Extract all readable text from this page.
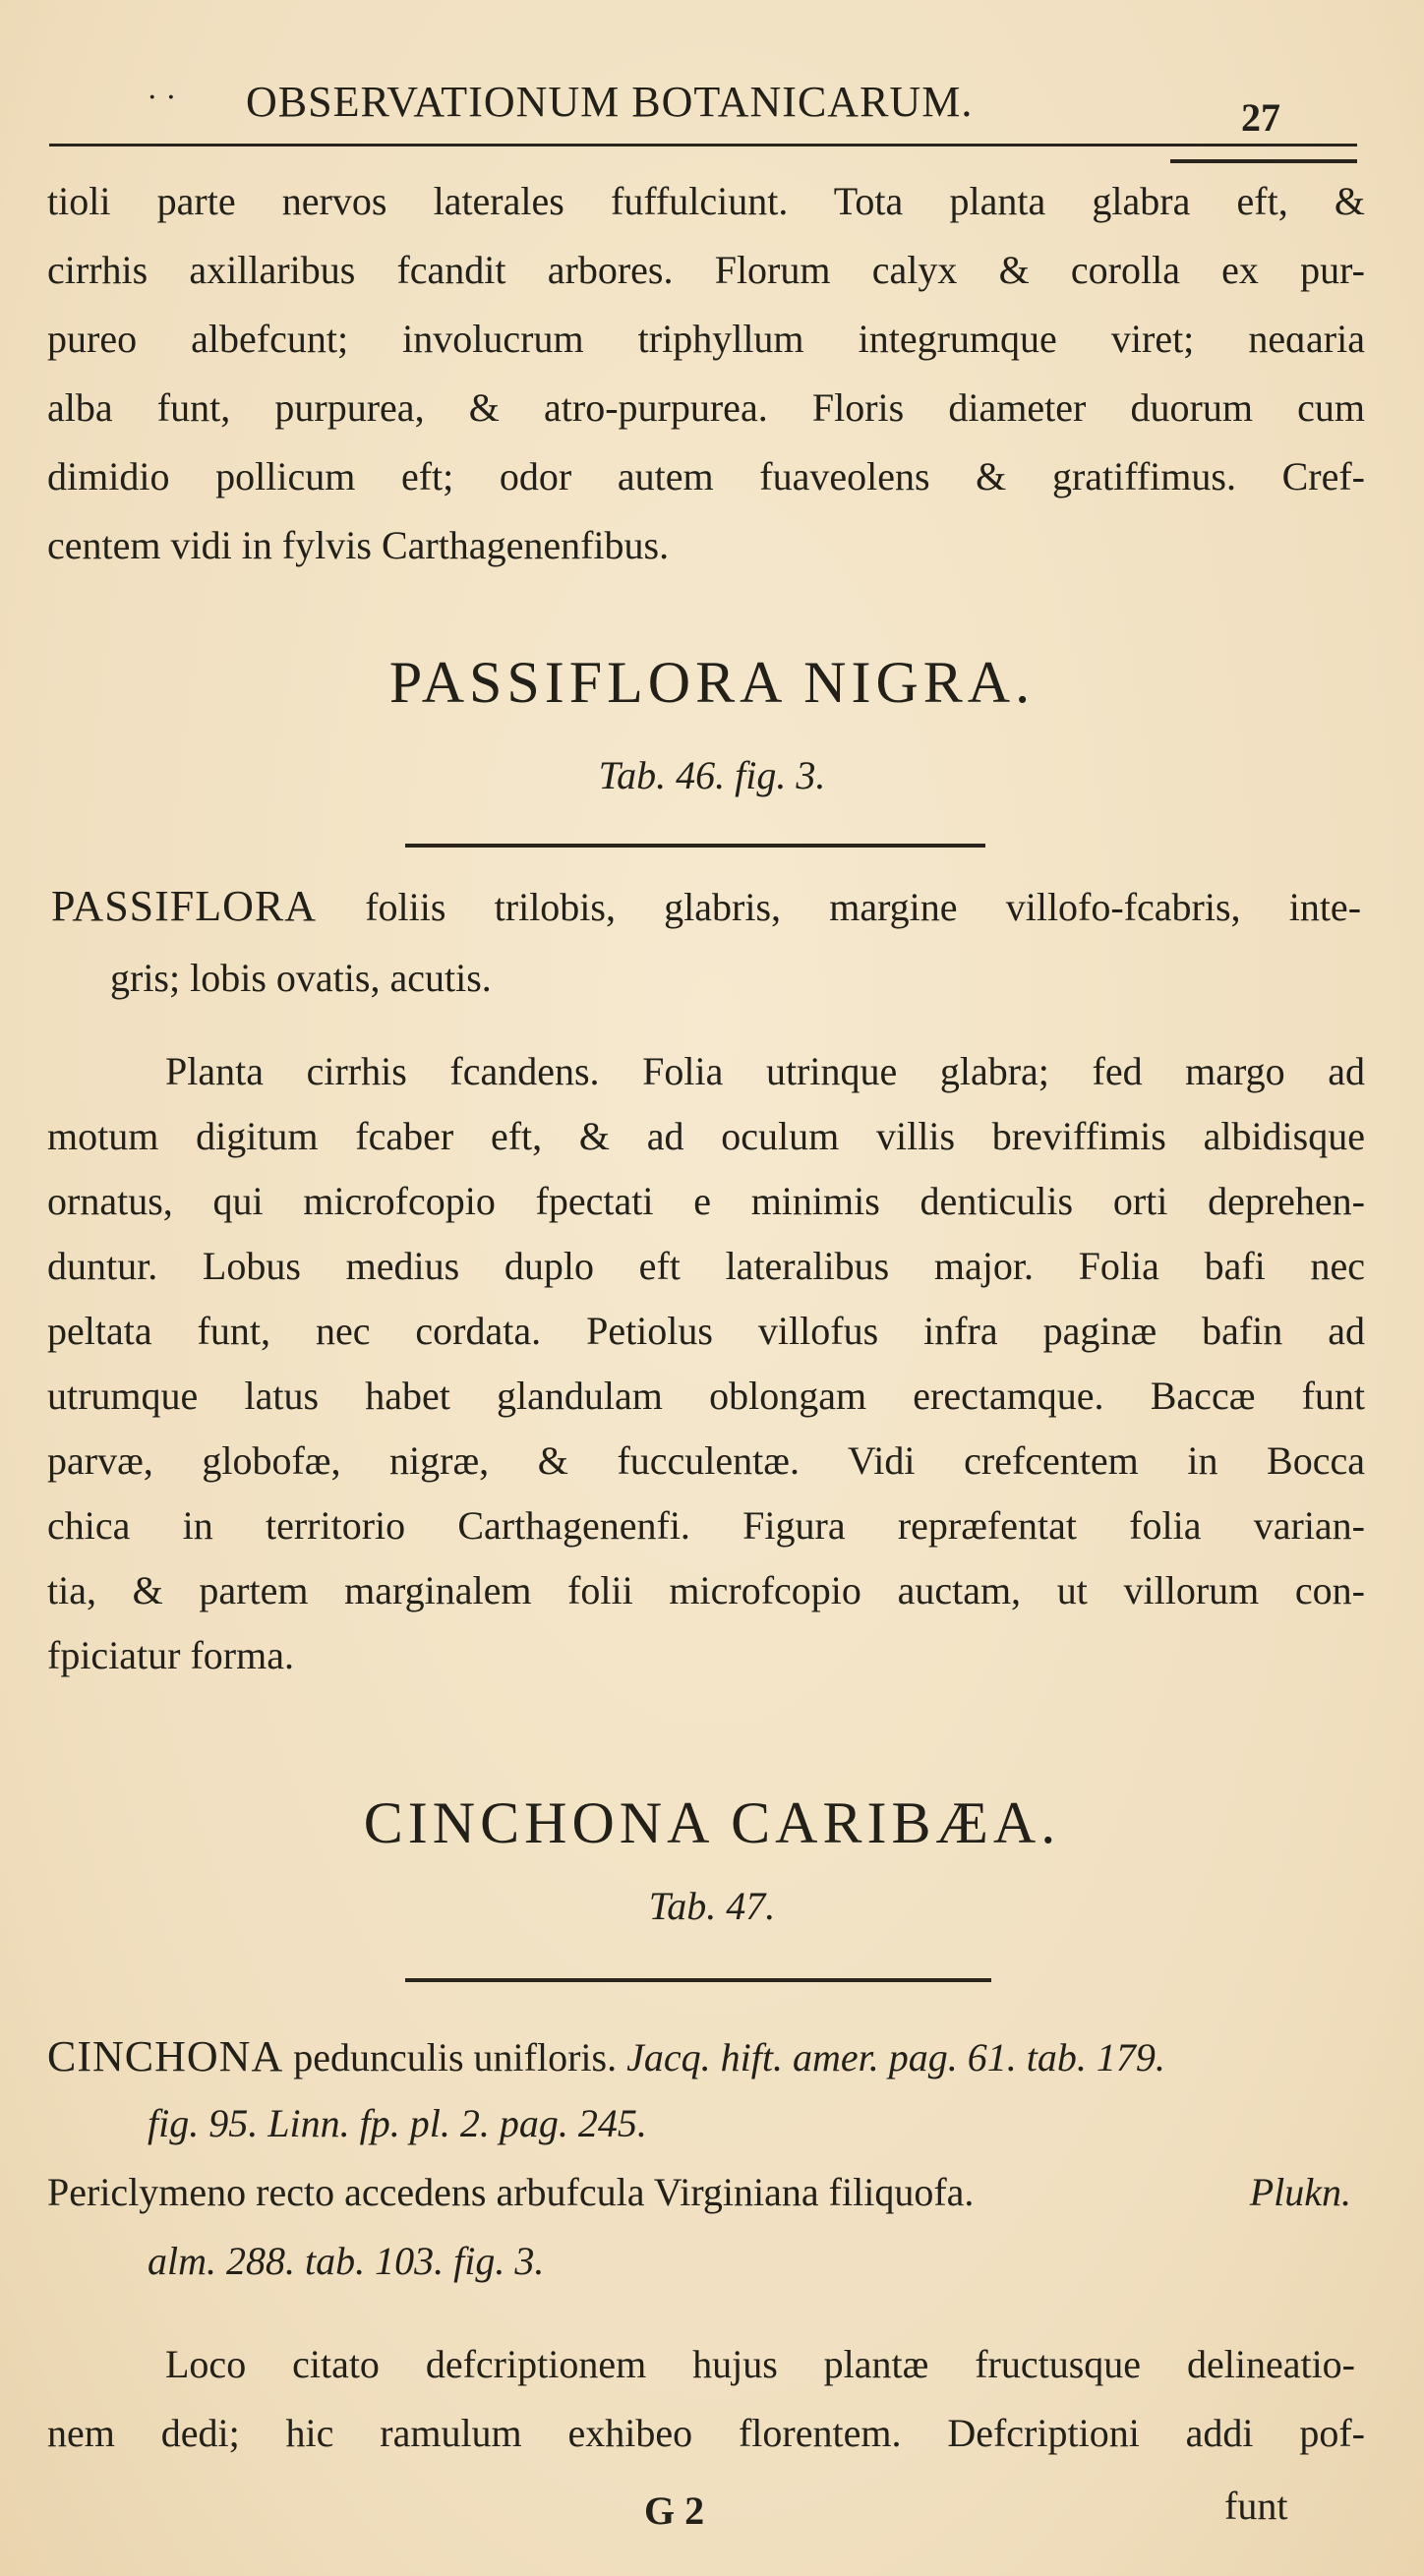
· · OBSERVATIONUM BOTANICARUM.	27
tioli parte nervos laterales fuffulciunt. Tota planta glabra eft, &
cirrhis axillaribus fcandit arbores. Florum calyx & corolla ex pur-
pureo albefcunt; involucrum triphyllum integrumque viret; neɑaria
alba funt, purpurea, & atro-purpurea. Floris diameter duorum cum
dimidio pollicum eft; odor autem fuaveolens & gratiffimus. Cref-
centem vidi in fylvis Carthagenenfibus.
PASSIFLORA NIGRA.
Tab. 46. fig. 3.
PASSIFLORA foliis trilobis, glabris, margine villofo-fcabris, inte-
gris; lobis ovatis, acutis.
Planta cirrhis fcandens. Folia utrinque glabra; fed margo ad
motum digitum fcaber eft, & ad oculum villis breviffimis albidisque
ornatus, qui microfcopio fpectati e minimis denticulis orti deprehen-
duntur. Lobus medius duplo eft lateralibus major. Folia bafi nec
peltata funt, nec cordata. Petiolus villofus infra paginæ bafin ad
utrumque latus habet glandulam oblongam erectamque. Baccæ funt
parvæ, globofæ, nigræ, & fucculentæ. Vidi crefcentem in Bocca
chica in territorio Carthagenenfi. Figura repræfentat folia varian-
tia, & partem marginalem folii microfcopio auctam, ut villorum con-
fpiciatur forma.
CINCHONA CARIBÆA.
Tab. 47.
CINCHONA pedunculis unifloris. Jacq. hift. amer. pag. 61. tab. 179.
fig. 95. Linn. fp. pl. 2. pag. 245.
Periclymeno recto accedens arbufcula Virginiana filiquofa.	Plukn.
alm. 288. tab. 103. fig. 3.
Loco citato defcriptionem hujus plantæ fructusque delineatio-
nem dedi; hic ramulum exhibeo florentem. Defcriptioni addi pof-
G 2	funt
